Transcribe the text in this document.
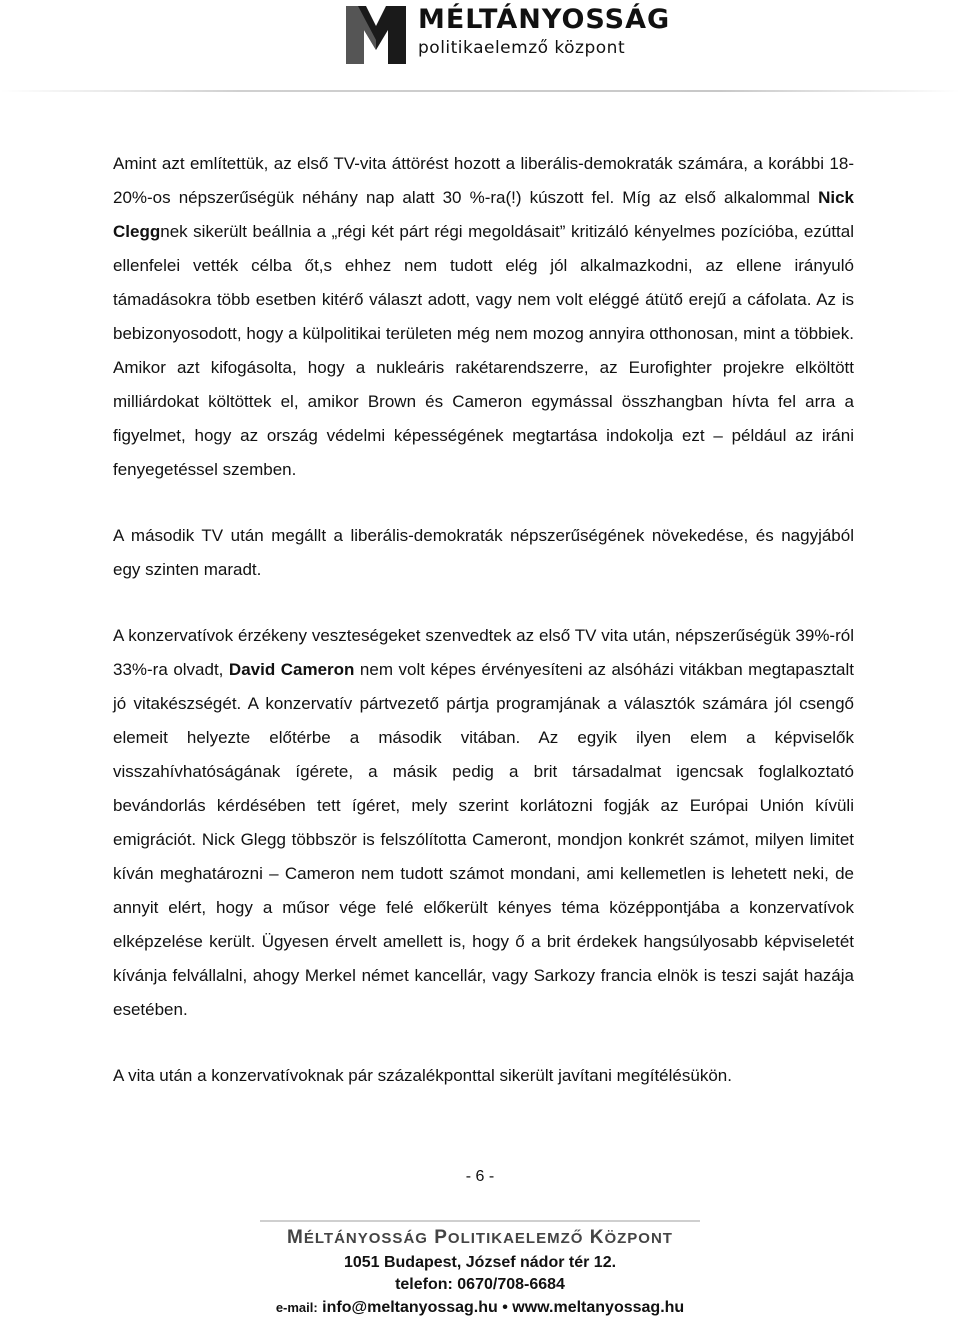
MÉLTÁNYOSSÁG
politikaelemző központ

Amint azt említettük, az első TV-vita áttörést hozott a liberális-demokraták számára, a korábbi 18-20%-os népszerűségük néhány nap alatt 30 %-ra(!) kúszott fel. Míg az első alkalommal Nick Cleggnek sikerült beállnia a „régi két párt régi megoldásait” kritizáló kényelmes pozícióba, ezúttal ellenfelei vették célba őt,s ehhez nem tudott elég jól alkalmazkodni, az ellene irányuló támadásokra több esetben kitérő választ adott, vagy nem volt eléggé átütő erejű a cáfolata. Az is bebizonyosodott, hogy a külpolitikai területen még nem mozog annyira otthonosan, mint a többiek. Amikor azt kifogásolta, hogy a nukleáris rakétarendszerre, az Eurofighter projekre elköltött milliárdokat költöttek el, amikor Brown és Cameron egymással összhangban hívta fel arra a figyelmet, hogy az ország védelmi képességének megtartása indokolja ezt – például az iráni fenyegetéssel szemben.

A második TV után megállt a liberális-demokraták népszerűségének növekedése, és nagyjából egy szinten maradt.

A konzervatívok érzékeny veszteségeket szenvedtek az első TV vita után, népszerűségük 39%-ról 33%-ra olvadt, David Cameron nem volt képes érvényesíteni az alsóházi vitákban megtapasztalt jó vitakészségét. A konzervatív pártvezető pártja programjának a választók számára jól csengő elemeit helyezte előtérbe a második vitában. Az egyik ilyen elem a képviselők visszahívhatóságának ígérete, a másik pedig a brit társadalmat igencsak foglalkoztató bevándorlás kérdésében tett ígéret, mely szerint korlátozni fogják az Európai Unión kívüli emigrációt. Nick Glegg többször is felszólította Cameront, mondjon konkrét számot, milyen limitet kíván meghatározni – Cameron nem tudott számot mondani, ami kellemetlen is lehetett neki, de annyit elért, hogy a műsor vége felé előkerült kényes téma középpontjába a konzervatívok elképzelése került. Ügyesen érvelt amellett is, hogy ő a brit érdekek hangsúlyosabb képviseletét kívánja felvállalni, ahogy Merkel német kancellár, vagy Sarkozy francia elnök is teszi saját hazája esetében.

A vita után a konzervatívoknak pár százalékponttal sikerült javítani megítélésükön.

- 6 -
MÉLTÁNYOSSÁG POLITIKAELEMZŐ KÖZPONT
1051 Budapest, József nádor tér 12.
telefon: 0670/708-6684
e-mail: info@meltanyossag.hu • www.meltanyossag.hu
